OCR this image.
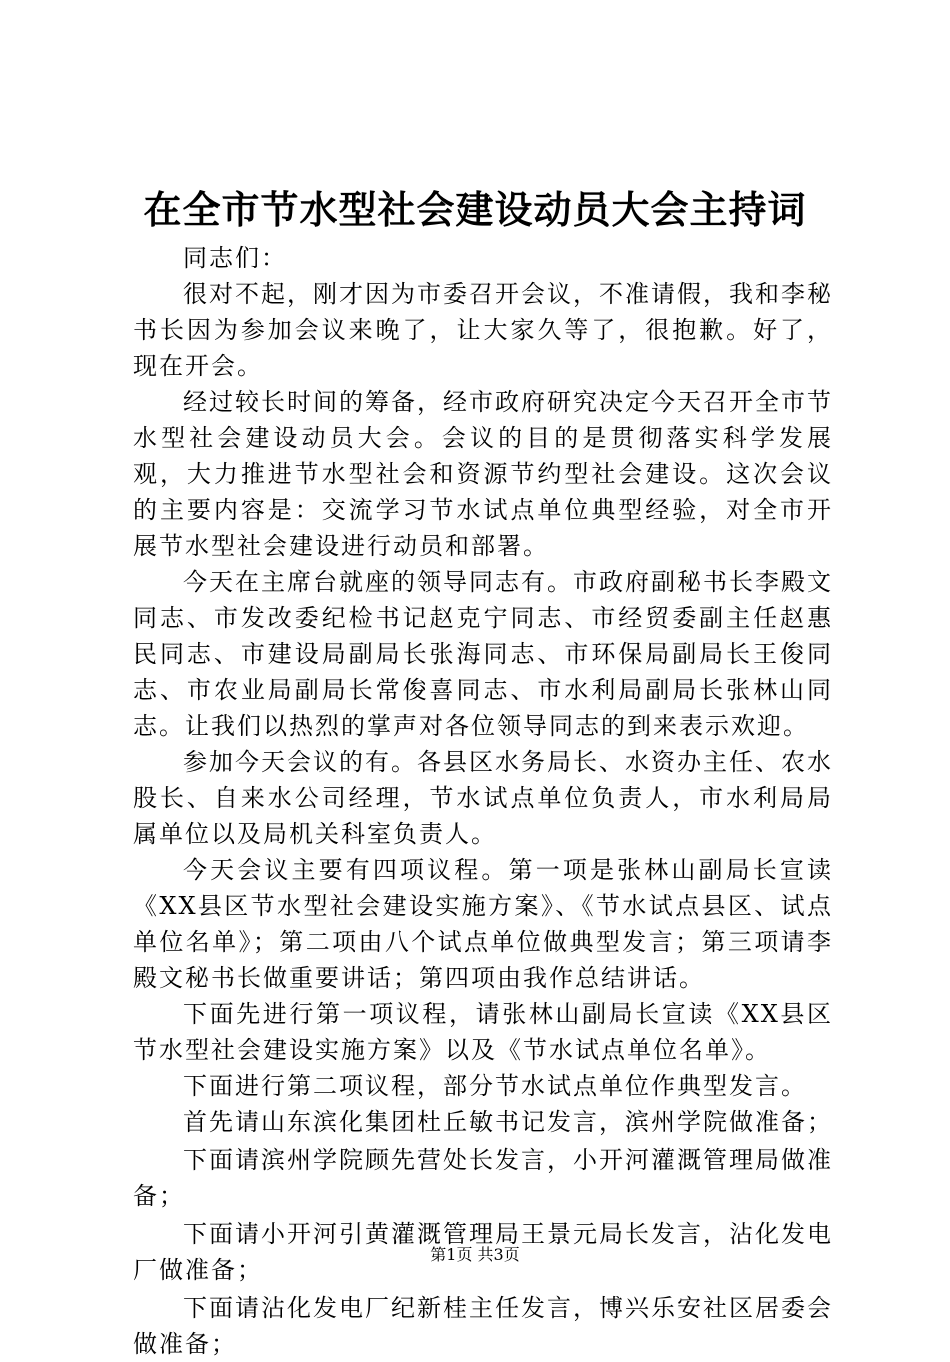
在全市节水型社会建设动员大会主持词

同志们：

很对不起，刚才因为市委召开会议，不准请假，我和李秘书长因为参加会议来晚了，让大家久等了，很抱歉。好了，现在开会。

经过较长时间的筹备，经市政府研究决定今天召开全市节水型社会建设动员大会。会议的目的是贯彻落实科学发展观，大力推进节水型社会和资源节约型社会建设。这次会议的主要内容是：交流学习节水试点单位典型经验，对全市开展节水型社会建设进行动员和部署。

今天在主席台就座的领导同志有。市政府副秘书长李殿文同志、市发改委纪检书记赵克宁同志、市经贸委副主任赵惠民同志、市建设局副局长张海同志、市环保局副局长王俊同志、市农业局副局长常俊喜同志、市水利局副局长张林山同志。让我们以热烈的掌声对各位领导同志的到来表示欢迎。

参加今天会议的有。各县区水务局长、水资办主任、农水股长、自来水公司经理，节水试点单位负责人，市水利局局属单位以及局机关科室负责人。

今天会议主要有四项议程。第一项是张林山副局长宣读《XX县区节水型社会建设实施方案》、《节水试点县区、试点单位名单》；第二项由八个试点单位做典型发言；第三项请李殿文秘书长做重要讲话；第四项由我作总结讲话。

下面先进行第一项议程，请张林山副局长宣读《XX县区节水型社会建设实施方案》以及《节水试点单位名单》。

下面进行第二项议程，部分节水试点单位作典型发言。

首先请山东滨化集团杜丘敏书记发言，滨州学院做准备；

下面请滨州学院顾先营处长发言，小开河灌溉管理局做准备；

下面请小开河引黄灌溉管理局王景元局长发言，沾化发电厂做准备；

下面请沾化发电厂纪新桂主任发言，博兴乐安社区居委会做准备；

第1页 共3页
